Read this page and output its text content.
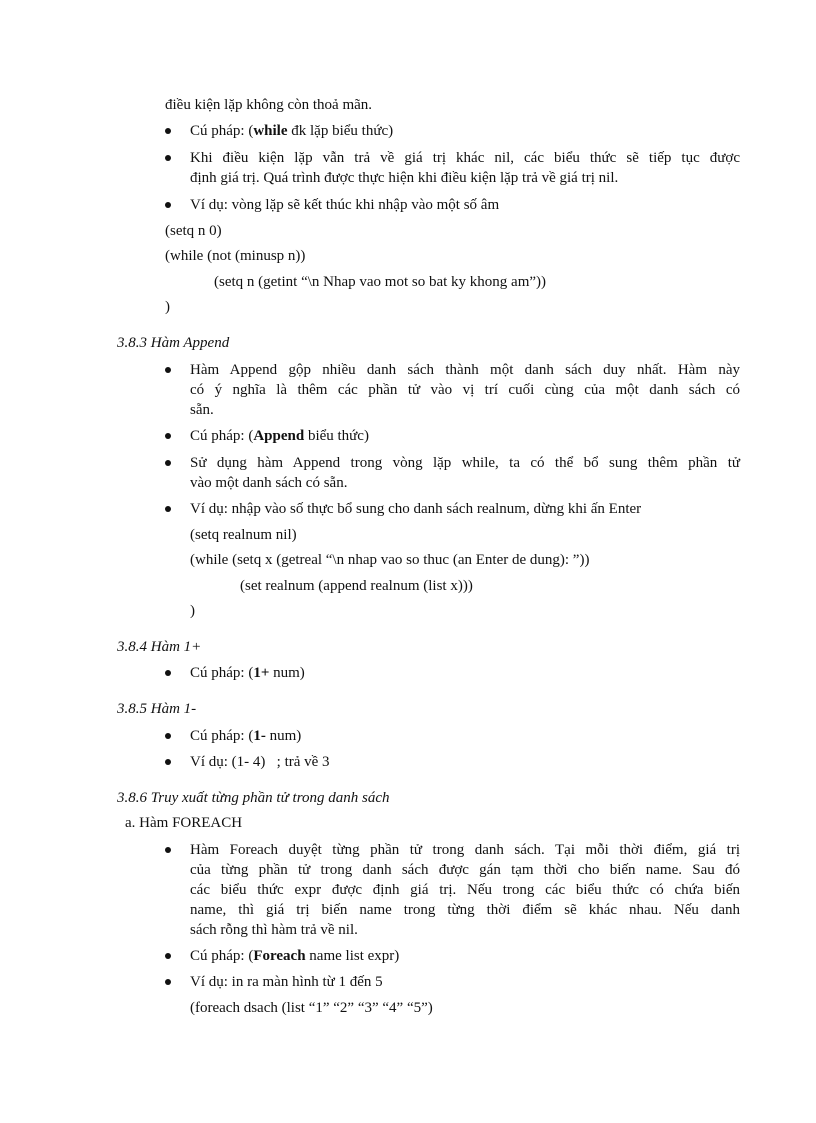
điều kiện lặp không còn thoả mãn.
Cú pháp: (while đk lặp biểu thức)
Khi điều kiện lặp vẫn trả về giá trị khác nil, các biểu thức sẽ tiếp tục được
định giá trị. Quá trình được thực hiện khi điều kiện lặp trả về giá trị nil.
Ví dụ: vòng lặp sẽ kết thúc khi nhập vào một số âm
(setq n 0)
(while (not (minusp n))
(setq n (getint “\n Nhap vao mot so bat ky khong am”))
)
3.8.3 Hàm Append
Hàm Append gộp nhiều danh sách thành một danh sách duy nhất. Hàm này
có ý nghĩa là thêm các phần tử vào vị trí cuối cùng của một danh sách có
sẵn.
Cú pháp: (Append biểu thức)
Sử dụng hàm Append trong vòng lặp while, ta có thể bổ sung thêm phần tử
vào một danh sách có sẵn.
Ví dụ: nhập vào số thực bổ sung cho danh sách realnum, dừng khi ấn Enter
(setq realnum nil)
(while (setq x (getreal “\n nhap vao so thuc (an Enter de dung): ”))
(set realnum (append realnum (list x)))
)
3.8.4 Hàm 1+
Cú pháp: (1+ num)
3.8.5 Hàm 1-
Cú pháp: (1- num)
Ví dụ: (1- 4)   ; trả về 3
3.8.6 Truy xuất từng phần tử trong danh sách
a. Hàm FOREACH
Hàm Foreach duyệt từng phần tử trong danh sách. Tại mỗi thời điểm, giá trị
của từng phần tử trong danh sách được gán tạm thời cho biến name. Sau đó
các biểu thức expr được định giá trị. Nếu trong các biểu thức có chứa biến
name, thì giá trị biến name trong từng thời điểm sẽ khác nhau. Nếu danh
sách rỗng thì hàm trả về nil.
Cú pháp: (Foreach name list expr)
Ví dụ: in ra màn hình từ 1 đến 5
(foreach dsach (list “1” “2” “3” “4” “5”)
